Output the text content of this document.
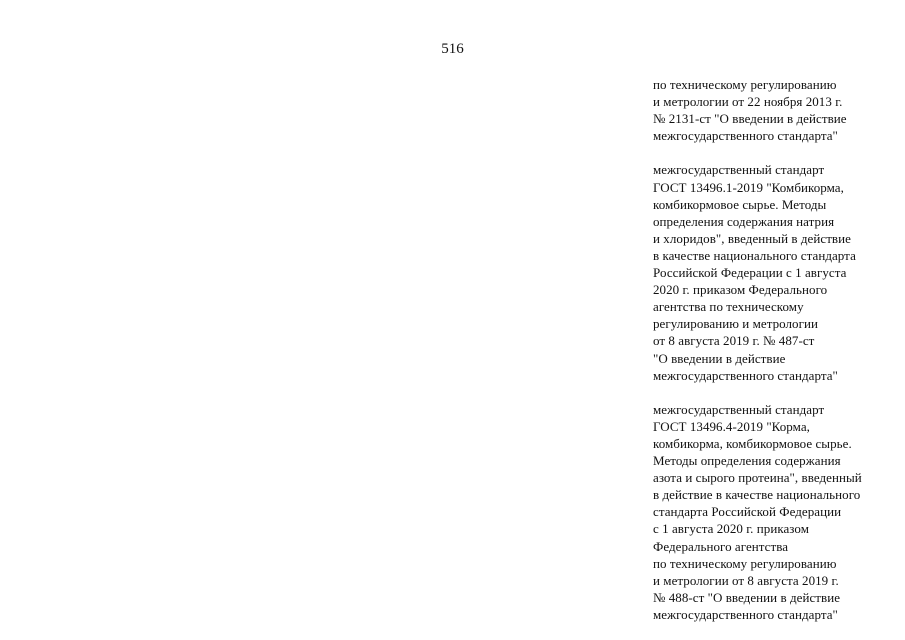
516
по техническому регулированию
и метрологии от 22 ноября 2013 г.
№ 2131-ст "О введении в действие
межгосударственного стандарта"
межгосударственный стандарт
ГОСТ 13496.1-2019 "Комбикорма,
комбикормовое сырье. Методы
определения содержания натрия
и хлоридов", введенный в действие
в качестве национального стандарта
Российской Федерации с 1 августа
2020 г. приказом Федерального
агентства по техническому
регулированию и метрологии
от 8 августа 2019 г. № 487-ст
"О введении в действие
межгосударственного стандарта"
межгосударственный стандарт
ГОСТ 13496.4-2019 "Корма,
комбикорма, комбикормовое сырье.
Методы определения содержания
азота и сырого протеина", введенный
в действие в качестве национального
стандарта Российской Федерации
с 1 августа 2020 г. приказом
Федерального агентства
по техническому регулированию
и метрологии от 8 августа 2019 г.
№ 488-ст "О введении в действие
межгосударственного стандарта"
